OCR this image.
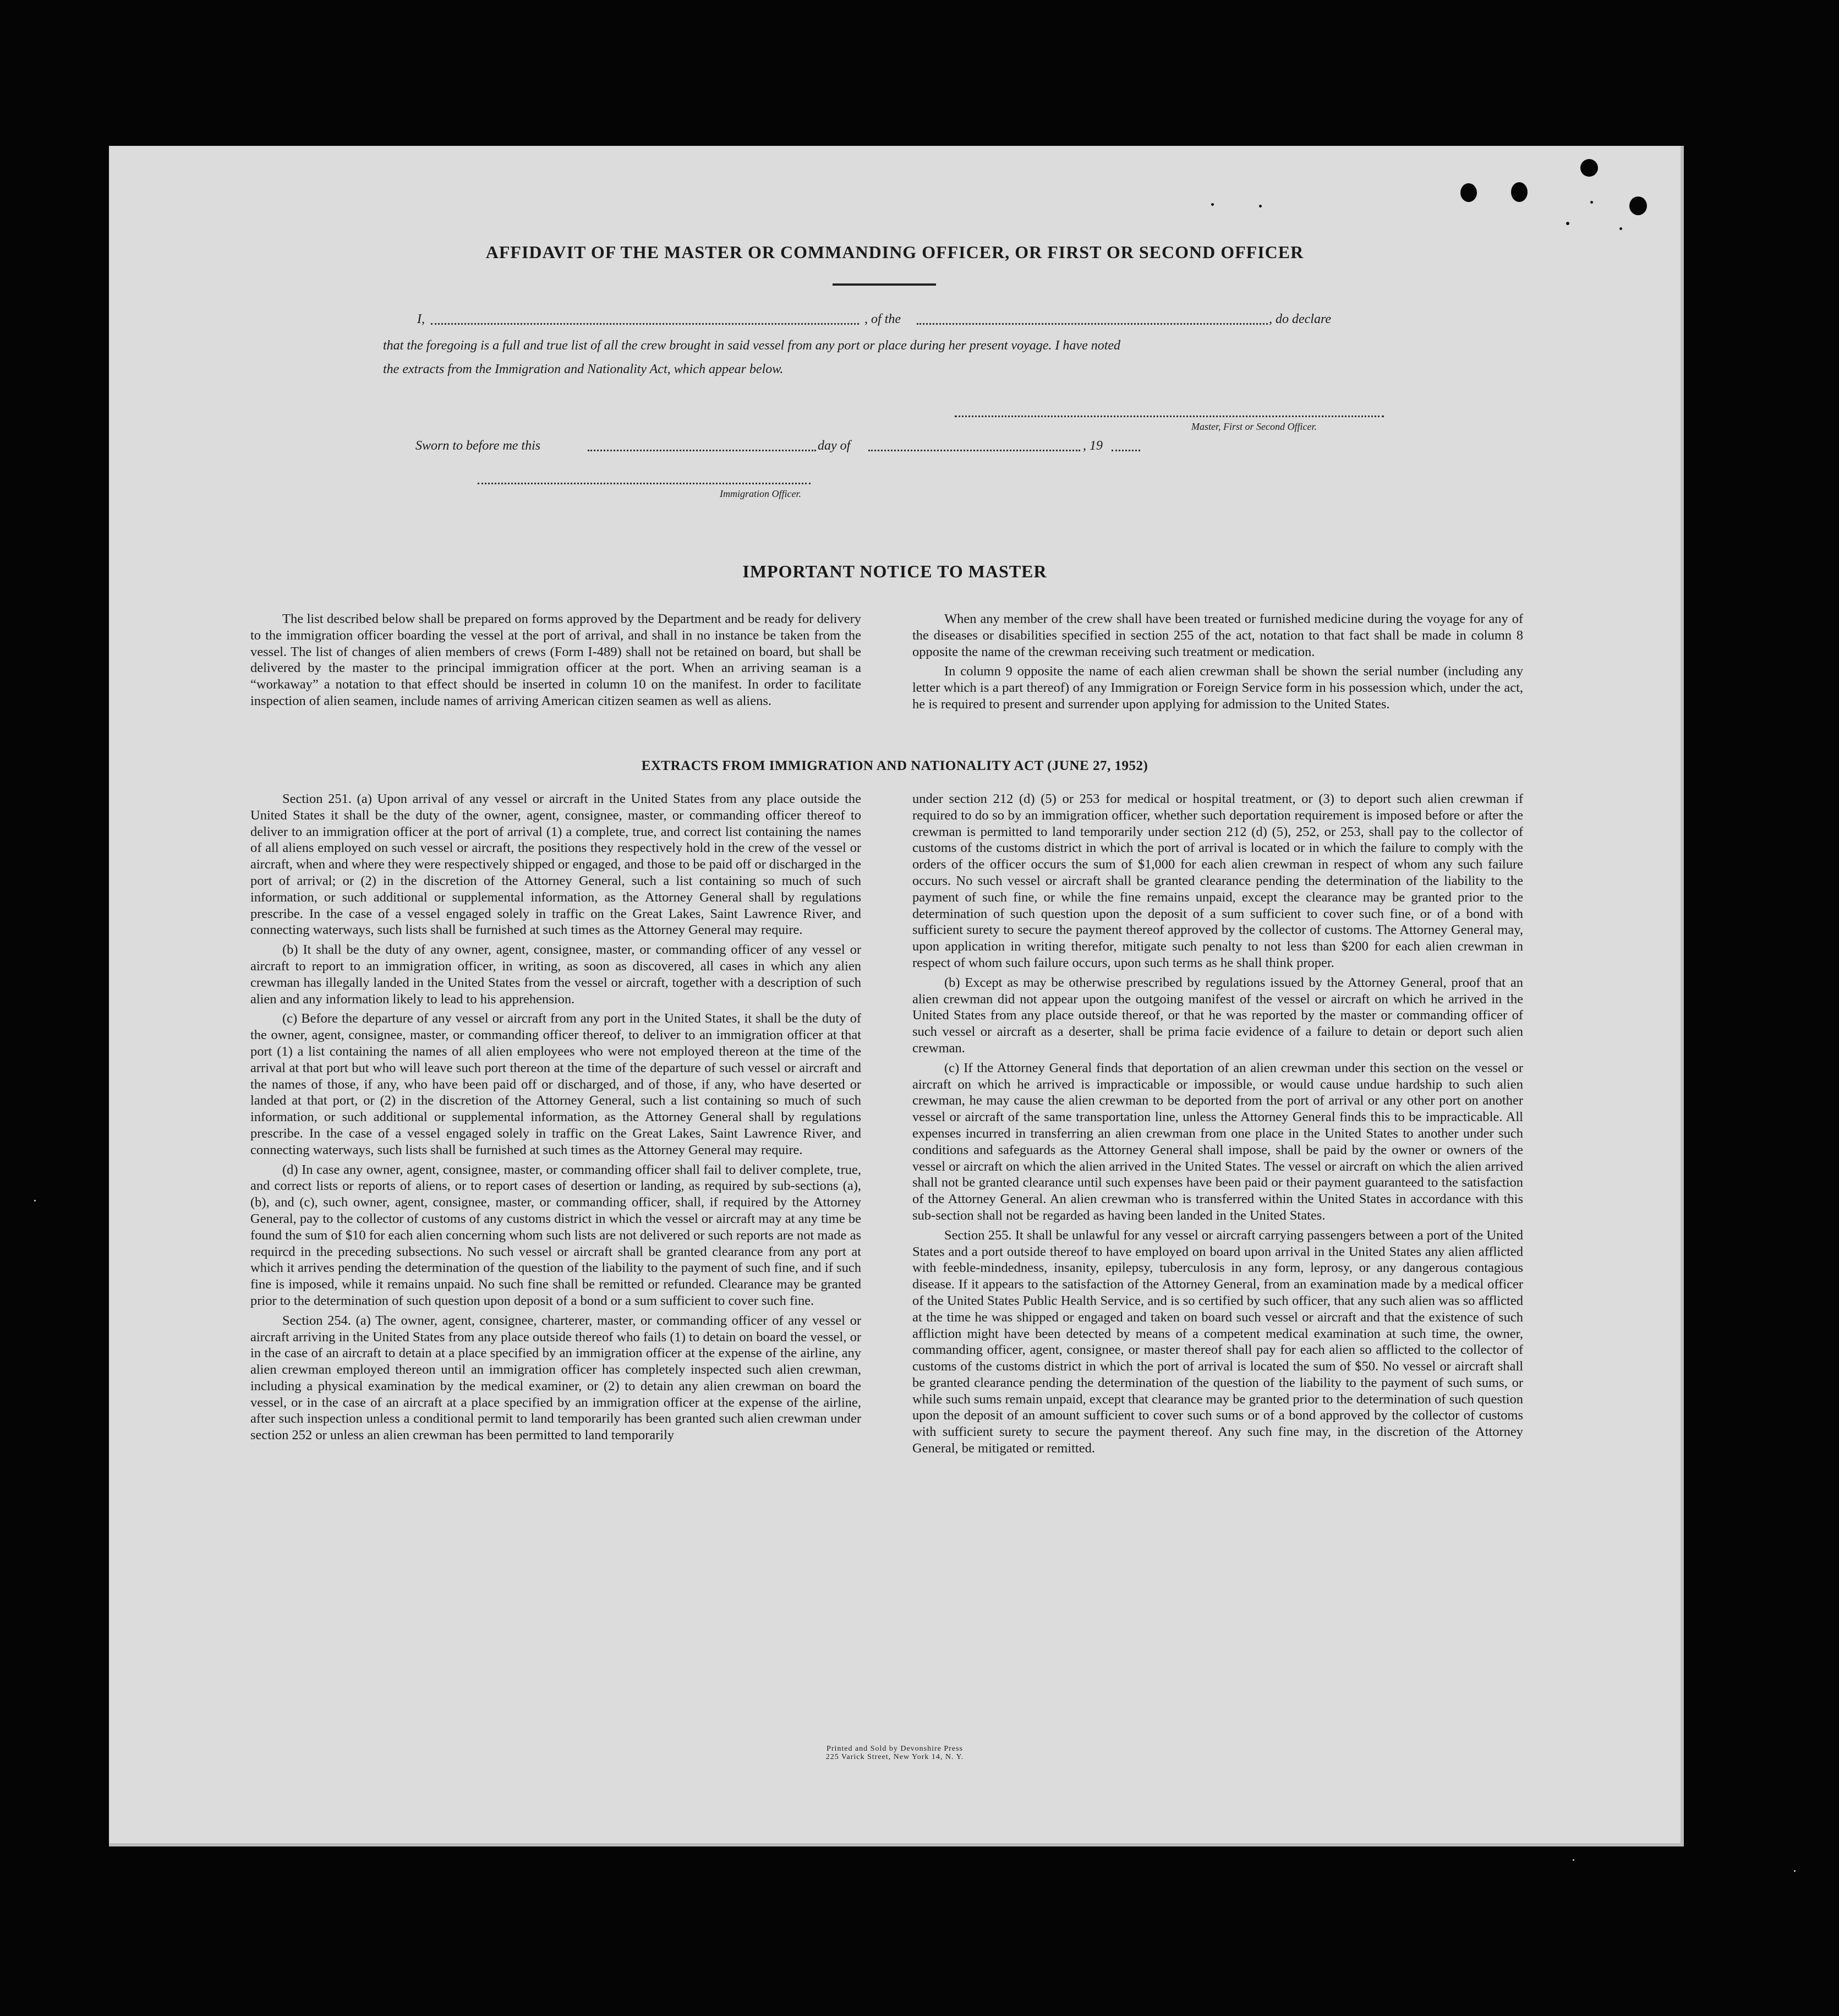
AFFIDAVIT OF THE MASTER OR COMMANDING OFFICER, OR FIRST OR SECOND OFFICER
I,	, of the	, do declare
that the foregoing is a full and true list of all the crew brought in said vessel from any port or place during her present voyage. I have noted
the extracts from the Immigration and Nationality Act, which appear below.
Master, First or Second Officer.
Sworn to before me this	day of	, 19
Immigration Officer.
IMPORTANT NOTICE TO MASTER

The list described below shall be prepared on forms approved by the Department and be ready for delivery to the immigration officer boarding the vessel at the port of arrival, and shall in no instance be taken from the vessel. The list of changes of alien members of crews (Form I-489) shall not be retained on board, but shall be delivered by the master to the principal immigration officer at the port. When an arriving seaman is a “workaway” a notation to that effect should be inserted in column 10 on the manifest. In order to facilitate inspection of alien seamen, include names of arriving American citizen seamen as well as aliens.

When any member of the crew shall have been treated or furnished medicine during the voyage for any of the diseases or disabilities specified in section 255 of the act, notation to that fact shall be made in column 8 opposite the name of the crewman receiving such treatment or medication.

In column 9 opposite the name of each alien crewman shall be shown the serial number (including any letter which is a part thereof) of any Immigration or Foreign Service form in his possession which, under the act, he is required to present and surrender upon applying for admission to the United States.

EXTRACTS FROM IMMIGRATION AND NATIONALITY ACT (JUNE 27, 1952)

Section 251. (a) Upon arrival of any vessel or aircraft in the United States from any place outside the United States it shall be the duty of the owner, agent, consignee, master, or commanding officer thereof to deliver to an immigration officer at the port of arrival (1) a complete, true, and correct list containing the names of all aliens employed on such vessel or aircraft, the positions they respectively hold in the crew of the vessel or aircraft, when and where they were respectively shipped or engaged, and those to be paid off or discharged in the port of arrival; or (2) in the discretion of the Attorney General, such a list containing so much of such information, or such additional or supplemental information, as the Attorney General shall by regulations prescribe. In the case of a vessel engaged solely in traffic on the Great Lakes, Saint Lawrence River, and connecting waterways, such lists shall be furnished at such times as the Attorney General may require.

(b) It shall be the duty of any owner, agent, consignee, master, or commanding officer of any vessel or aircraft to report to an immigration officer, in writing, as soon as discovered, all cases in which any alien crewman has illegally landed in the United States from the vessel or aircraft, together with a description of such alien and any information likely to lead to his apprehension.

(c) Before the departure of any vessel or aircraft from any port in the United States, it shall be the duty of the owner, agent, consignee, master, or commanding officer thereof, to deliver to an immigration officer at that port (1) a list containing the names of all alien employees who were not employed thereon at the time of the arrival at that port but who will leave such port thereon at the time of the departure of such vessel or aircraft and the names of those, if any, who have been paid off or discharged, and of those, if any, who have deserted or landed at that port, or (2) in the discretion of the Attorney General, such a list containing so much of such information, or such additional or supplemental information, as the Attorney General shall by regulations prescribe. In the case of a vessel engaged solely in traffic on the Great Lakes, Saint Lawrence River, and connecting waterways, such lists shall be furnished at such times as the Attorney General may require.

(d) In case any owner, agent, consignee, master, or commanding officer shall fail to deliver complete, true, and correct lists or reports of aliens, or to report cases of desertion or landing, as required by sub-sections (a), (b), and (c), such owner, agent, consignee, master, or commanding officer, shall, if required by the Attorney General, pay to the collector of customs of any customs district in which the vessel or aircraft may at any time be found the sum of $10 for each alien concerning whom such lists are not delivered or such reports are not made as requircd in the preceding subsections. No such vessel or aircraft shall be granted clearance from any port at which it arrives pending the determination of the question of the liability to the payment of such fine, and if such fine is imposed, while it remains unpaid. No such fine shall be remitted or refunded. Clearance may be granted prior to the determination of such question upon deposit of a bond or a sum sufficient to cover such fine.

Section 254. (a) The owner, agent, consignee, charterer, master, or commanding officer of any vessel or aircraft arriving in the United States from any place outside thereof who fails (1) to detain on board the vessel, or in the case of an aircraft to detain at a place specified by an immigration officer at the expense of the airline, any alien crewman employed thereon until an immigration officer has completely inspected such alien crewman, including a physical examination by the medical examiner, or (2) to detain any alien crewman on board the vessel, or in the case of an aircraft at a place specified by an immigration officer at the expense of the airline, after such inspection unless a conditional permit to land temporarily has been granted such alien crewman under section 252 or unless an alien crewman has been permitted to land temporarily

under section 212 (d) (5) or 253 for medical or hospital treatment, or (3) to deport such alien crewman if required to do so by an immigration officer, whether such deportation requirement is imposed before or after the crewman is permitted to land temporarily under section 212 (d) (5), 252, or 253, shall pay to the collector of customs of the customs district in which the port of arrival is located or in which the failure to comply with the orders of the officer occurs the sum of $1,000 for each alien crewman in respect of whom any such failure occurs. No such vessel or aircraft shall be granted clearance pending the determination of the liability to the payment of such fine, or while the fine remains unpaid, except the clearance may be granted prior to the determination of such question upon the deposit of a sum sufficient to cover such fine, or of a bond with sufficient surety to secure the payment thereof approved by the collector of customs. The Attorney General may, upon application in writing therefor, mitigate such penalty to not less than $200 for each alien crewman in respect of whom such failure occurs, upon such terms as he shall think proper.

(b) Except as may be otherwise prescribed by regulations issued by the Attorney General, proof that an alien crewman did not appear upon the outgoing manifest of the vessel or aircraft on which he arrived in the United States from any place outside thereof, or that he was reported by the master or commanding officer of such vessel or aircraft as a deserter, shall be prima facie evidence of a failure to detain or deport such alien crewman.

(c) If the Attorney General finds that deportation of an alien crewman under this section on the vessel or aircraft on which he arrived is impracticable or impossible, or would cause undue hardship to such alien crewman, he may cause the alien crewman to be deported from the port of arrival or any other port on another vessel or aircraft of the same transportation line, unless the Attorney General finds this to be impracticable. All expenses incurred in transferring an alien crewman from one place in the United States to another under such conditions and safeguards as the Attorney General shall impose, shall be paid by the owner or owners of the vessel or aircraft on which the alien arrived in the United States. The vessel or aircraft on which the alien arrived shall not be granted clearance until such expenses have been paid or their payment guaranteed to the satisfaction of the Attorney General. An alien crewman who is transferred within the United States in accordance with this sub-section shall not be regarded as having been landed in the United States.

Section 255. It shall be unlawful for any vessel or aircraft carrying passengers between a port of the United States and a port outside thereof to have employed on board upon arrival in the United States any alien afflicted with feeble-mindedness, insanity, epilepsy, tuberculosis in any form, leprosy, or any dangerous contagious disease. If it appears to the satisfaction of the Attorney General, from an examination made by a medical officer of the United States Public Health Service, and is so certified by such officer, that any such alien was so afflicted at the time he was shipped or engaged and taken on board such vessel or aircraft and that the existence of such affliction might have been detected by means of a competent medical examination at such time, the owner, commanding officer, agent, consignee, or master thereof shall pay for each alien so afflicted to the collector of customs of the customs district in which the port of arrival is located the sum of $50. No vessel or aircraft shall be granted clearance pending the determination of the question of the liability to the payment of such sums, or while such sums remain unpaid, except that clearance may be granted prior to the determination of such question upon the deposit of an amount sufficient to cover such sums or of a bond approved by the collector of customs with sufficient surety to secure the payment thereof. Any such fine may, in the discretion of the Attorney General, be mitigated or remitted.

Printed and Sold by Devonshire Press
225 Varick Street, New York 14, N. Y.
